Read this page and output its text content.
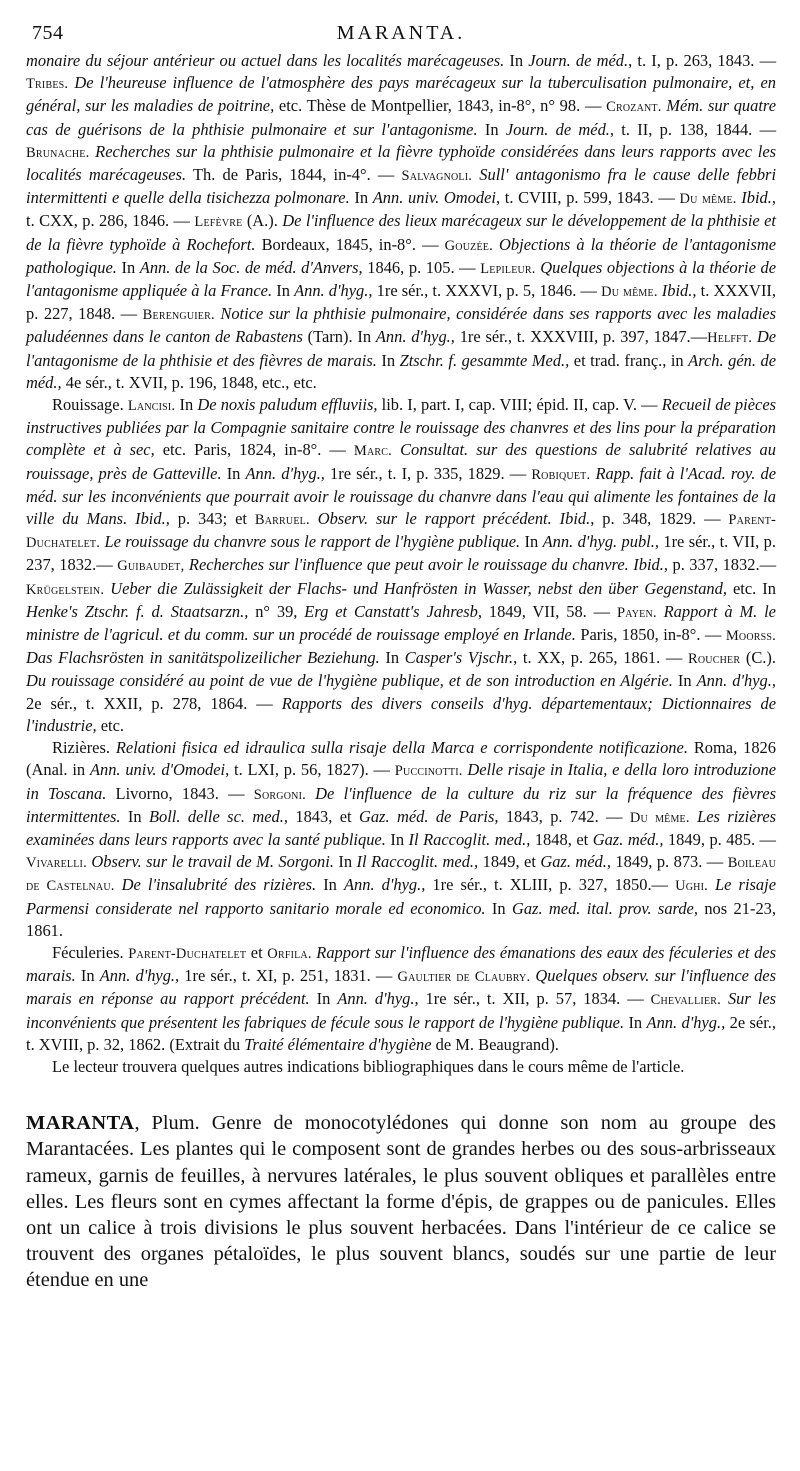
754	MARANTA.

monaire du séjour antérieur ou actuel dans les localités marécageuses. In Journ. de méd., t. I, p. 263, 1843. — Tribes. De l'heureuse influence de l'atmosphère des pays marécageux sur la tuberculisation pulmonaire, et, en général, sur les maladies de poitrine, etc. Thèse de Montpellier, 1843, in-8°, n° 98. — Crozant. Mém. sur quatre cas de guérisons de la phthisie pulmonaire et sur l'antagonisme. In Journ. de méd., t. II, p. 138, 1844. — Brunache. Recherches sur la phthisie pulmonaire et la fièvre typhoïde considérées dans leurs rapports avec les localités marécageuses. Th. de Paris, 1844, in-4°. — Salvagnoli. Sull' antagonismo fra le cause delle febbri intermittenti e quelle della tisichezza polmonare. In Ann. univ. Omodei, t. CVIII, p. 599, 1843. — Du même. Ibid., t. CXX, p. 286, 1846. — Lefèvre (A.). De l'influence des lieux marécageux sur le développement de la phthisie et de la fièvre typhoïde à Rochefort. Bordeaux, 1845, in-8°. — Gouzée. Objections à la théorie de l'antagonisme pathologique. In Ann. de la Soc. de méd. d'Anvers, 1846, p. 105. — Lepileur. Quelques objections à la théorie de l'antagonisme appliquée à la France. In Ann. d'hyg., 1re sér., t. XXXVI, p. 5, 1846. — Du même. Ibid., t. XXXVII, p. 227, 1848. — Berenguier. Notice sur la phthisie pulmonaire, considérée dans ses rapports avec les maladies paludéennes dans le canton de Rabastens (Tarn). In Ann. d'hyg., 1re sér., t. XXXVIII, p. 397, 1847.—Helfft. De l'antagonisme de la phthisie et des fièvres de marais. In Ztschr. f. gesammte Med., et trad. franç., in Arch. gén. de méd., 4e sér., t. XVII, p. 196, 1848, etc., etc.

Rouissage. Lancisi. In De noxis paludum effluviis, lib. I, part. I, cap. VIII; épid. II, cap. V. — Recueil de pièces instructives publiées par la Compagnie sanitaire contre le rouissage des chanvres et des lins pour la préparation complète et à sec, etc. Paris, 1824, in-8°. — Marc. Consultat. sur des questions de salubrité relatives au rouissage, près de Gatteville. In Ann. d'hyg., 1re sér., t. I, p. 335, 1829. — Robiquet. Rapp. fait à l'Acad. roy. de méd. sur les inconvénients que pourrait avoir le rouissage du chanvre dans l'eau qui alimente les fontaines de la ville du Mans. Ibid., p. 343; et Barruel. Observ. sur le rapport précédent. Ibid., p. 348, 1829. — Parent-Duchatelet. Le rouissage du chanvre sous le rapport de l'hygiène publique. In Ann. d'hyg. publ., 1re sér., t. VII, p. 237, 1832.— Guibaudet, Recherches sur l'influence que peut avoir le rouissage du chanvre. Ibid., p. 337, 1832.— Krügelstein. Ueber die Zulässigkeit der Flachs- und Hanfrösten in Wasser, nebst den über Gegenstand, etc. In Henke's Ztschr. f. d. Staatsarzn., n° 39, Erg et Canstatt's Jahresb, 1849, VII, 58. — Payen. Rapport à M. le ministre de l'agricul. et du comm. sur un procédé de rouissage employé en Irlande. Paris, 1850, in-8°. — Moorss. Das Flachsrösten in sanitätspolizeilicher Beziehung. In Casper's Vjschr., t. XX, p. 265, 1861. — Roucher (C.). Du rouissage considéré au point de vue de l'hygiène publique, et de son introduction en Algérie. In Ann. d'hyg., 2e sér., t. XXII, p. 278, 1864. — Rapports des divers conseils d'hyg. départementaux; Dictionnaires de l'industrie, etc.

Rizières. Relationi fisica ed idraulica sulla risaje della Marca e corrispondente notificazione. Roma, 1826 (Anal. in Ann. univ. d'Omodei, t. LXI, p. 56, 1827). — Puccinotti. Delle risaje in Italia, e della loro introduzione in Toscana. Livorno, 1843. — Sorgoni. De l'influence de la culture du riz sur la fréquence des fièvres intermittentes. In Boll. delle sc. med., 1843, et Gaz. méd. de Paris, 1843, p. 742. — Du même. Les rizières examinées dans leurs rapports avec la santé publique. In Il Raccoglit. med., 1848, et Gaz. méd., 1849, p. 485. — Vivarelli. Observ. sur le travail de M. Sorgoni. In Il Raccoglit. med., 1849, et Gaz. méd., 1849, p. 873. — Boileau de Castelnau. De l'insalubrité des rizières. In Ann. d'hyg., 1re sér., t. XLIII, p. 327, 1850.— Ughi. Le risaje Parmensi considerate nel rapporto sanitario morale ed economico. In Gaz. med. ital. prov. sarde, nos 21-23, 1861.

Féculeries. Parent-Duchatelet et Orfila. Rapport sur l'influence des émanations des eaux des féculeries et des marais. In Ann. d'hyg., 1re sér., t. XI, p. 251, 1831. — Gaultier de Claubry. Quelques observ. sur l'influence des marais en réponse au rapport précédent. In Ann. d'hyg., 1re sér., t. XII, p. 57, 1834. — Chevallier. Sur les inconvénients que présentent les fabriques de fécule sous le rapport de l'hygiène publique. In Ann. d'hyg., 2e sér., t. XVIII, p. 32, 1862. (Extrait du Traité élémentaire d'hygiène de M. Beaugrand).

Le lecteur trouvera quelques autres indications bibliographiques dans le cours même de l'article.

MARANTA, Plum. Genre de monocotylédones qui donne son nom au groupe des Marantacées. Les plantes qui le composent sont de grandes herbes ou des sous-arbrisseaux rameux, garnis de feuilles, à nervures latérales, le plus souvent obliques et parallèles entre elles. Les fleurs sont en cymes affectant la forme d'épis, de grappes ou de panicules. Elles ont un calice à trois divisions le plus souvent herbacées. Dans l'intérieur de ce calice se trouvent des organes pétaloïdes, le plus souvent blancs, soudés sur une partie de leur étendue en une
